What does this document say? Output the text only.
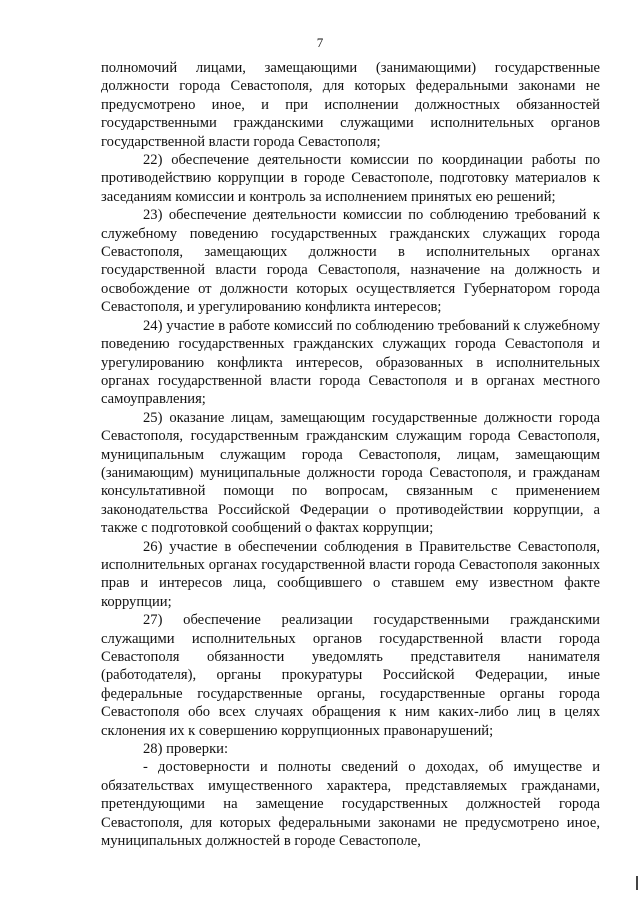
7

полномочий лицами, замещающими (занимающими) государственные должности города Севастополя, для которых федеральными законами не предусмотрено иное, и при исполнении должностных обязанностей государственными гражданскими служащими исполнительных органов государственной власти города Севастополя;

22) обеспечение деятельности комиссии по координации работы по противодействию коррупции в городе Севастополе, подготовку материалов к заседаниям комиссии и контроль за исполнением принятых ею решений;

23) обеспечение деятельности комиссии по соблюдению требований к служебному поведению государственных гражданских служащих города Севастополя, замещающих должности в исполнительных органах государственной власти города Севастополя, назначение на должность и освобождение от должности которых осуществляется Губернатором города Севастополя, и урегулированию конфликта интересов;

24) участие в работе комиссий по соблюдению требований к служебному поведению государственных гражданских служащих города Севастополя и урегулированию конфликта интересов, образованных в исполнительных органах государственной власти города Севастополя и в органах местного самоуправления;

25) оказание лицам, замещающим государственные должности города Севастополя, государственным гражданским служащим города Севастополя, муниципальным служащим города Севастополя, лицам, замещающим (занимающим) муниципальные должности города Севастополя, и гражданам консультативной помощи по вопросам, связанным с применением законодательства Российской Федерации о противодействии коррупции, а также с подготовкой сообщений о фактах коррупции;

26) участие в обеспечении соблюдения в Правительстве Севастополя, исполнительных органах государственной власти города Севастополя законных прав и интересов лица, сообщившего о ставшем ему известном факте коррупции;

27) обеспечение реализации государственными гражданскими служащими исполнительных органов государственной власти города Севастополя обязанности уведомлять представителя нанимателя (работодателя), органы прокуратуры Российской Федерации, иные федеральные государственные органы, государственные органы города Севастополя обо всех случаях обращения к ним каких-либо лиц в целях склонения их к совершению коррупционных правонарушений;

28) проверки:

- достоверности и полноты сведений о доходах, об имуществе и обязательствах имущественного характера, представляемых гражданами, претендующими на замещение государственных должностей города Севастополя, для которых федеральными законами не предусмотрено иное, муниципальных должностей в городе Севастополе,
